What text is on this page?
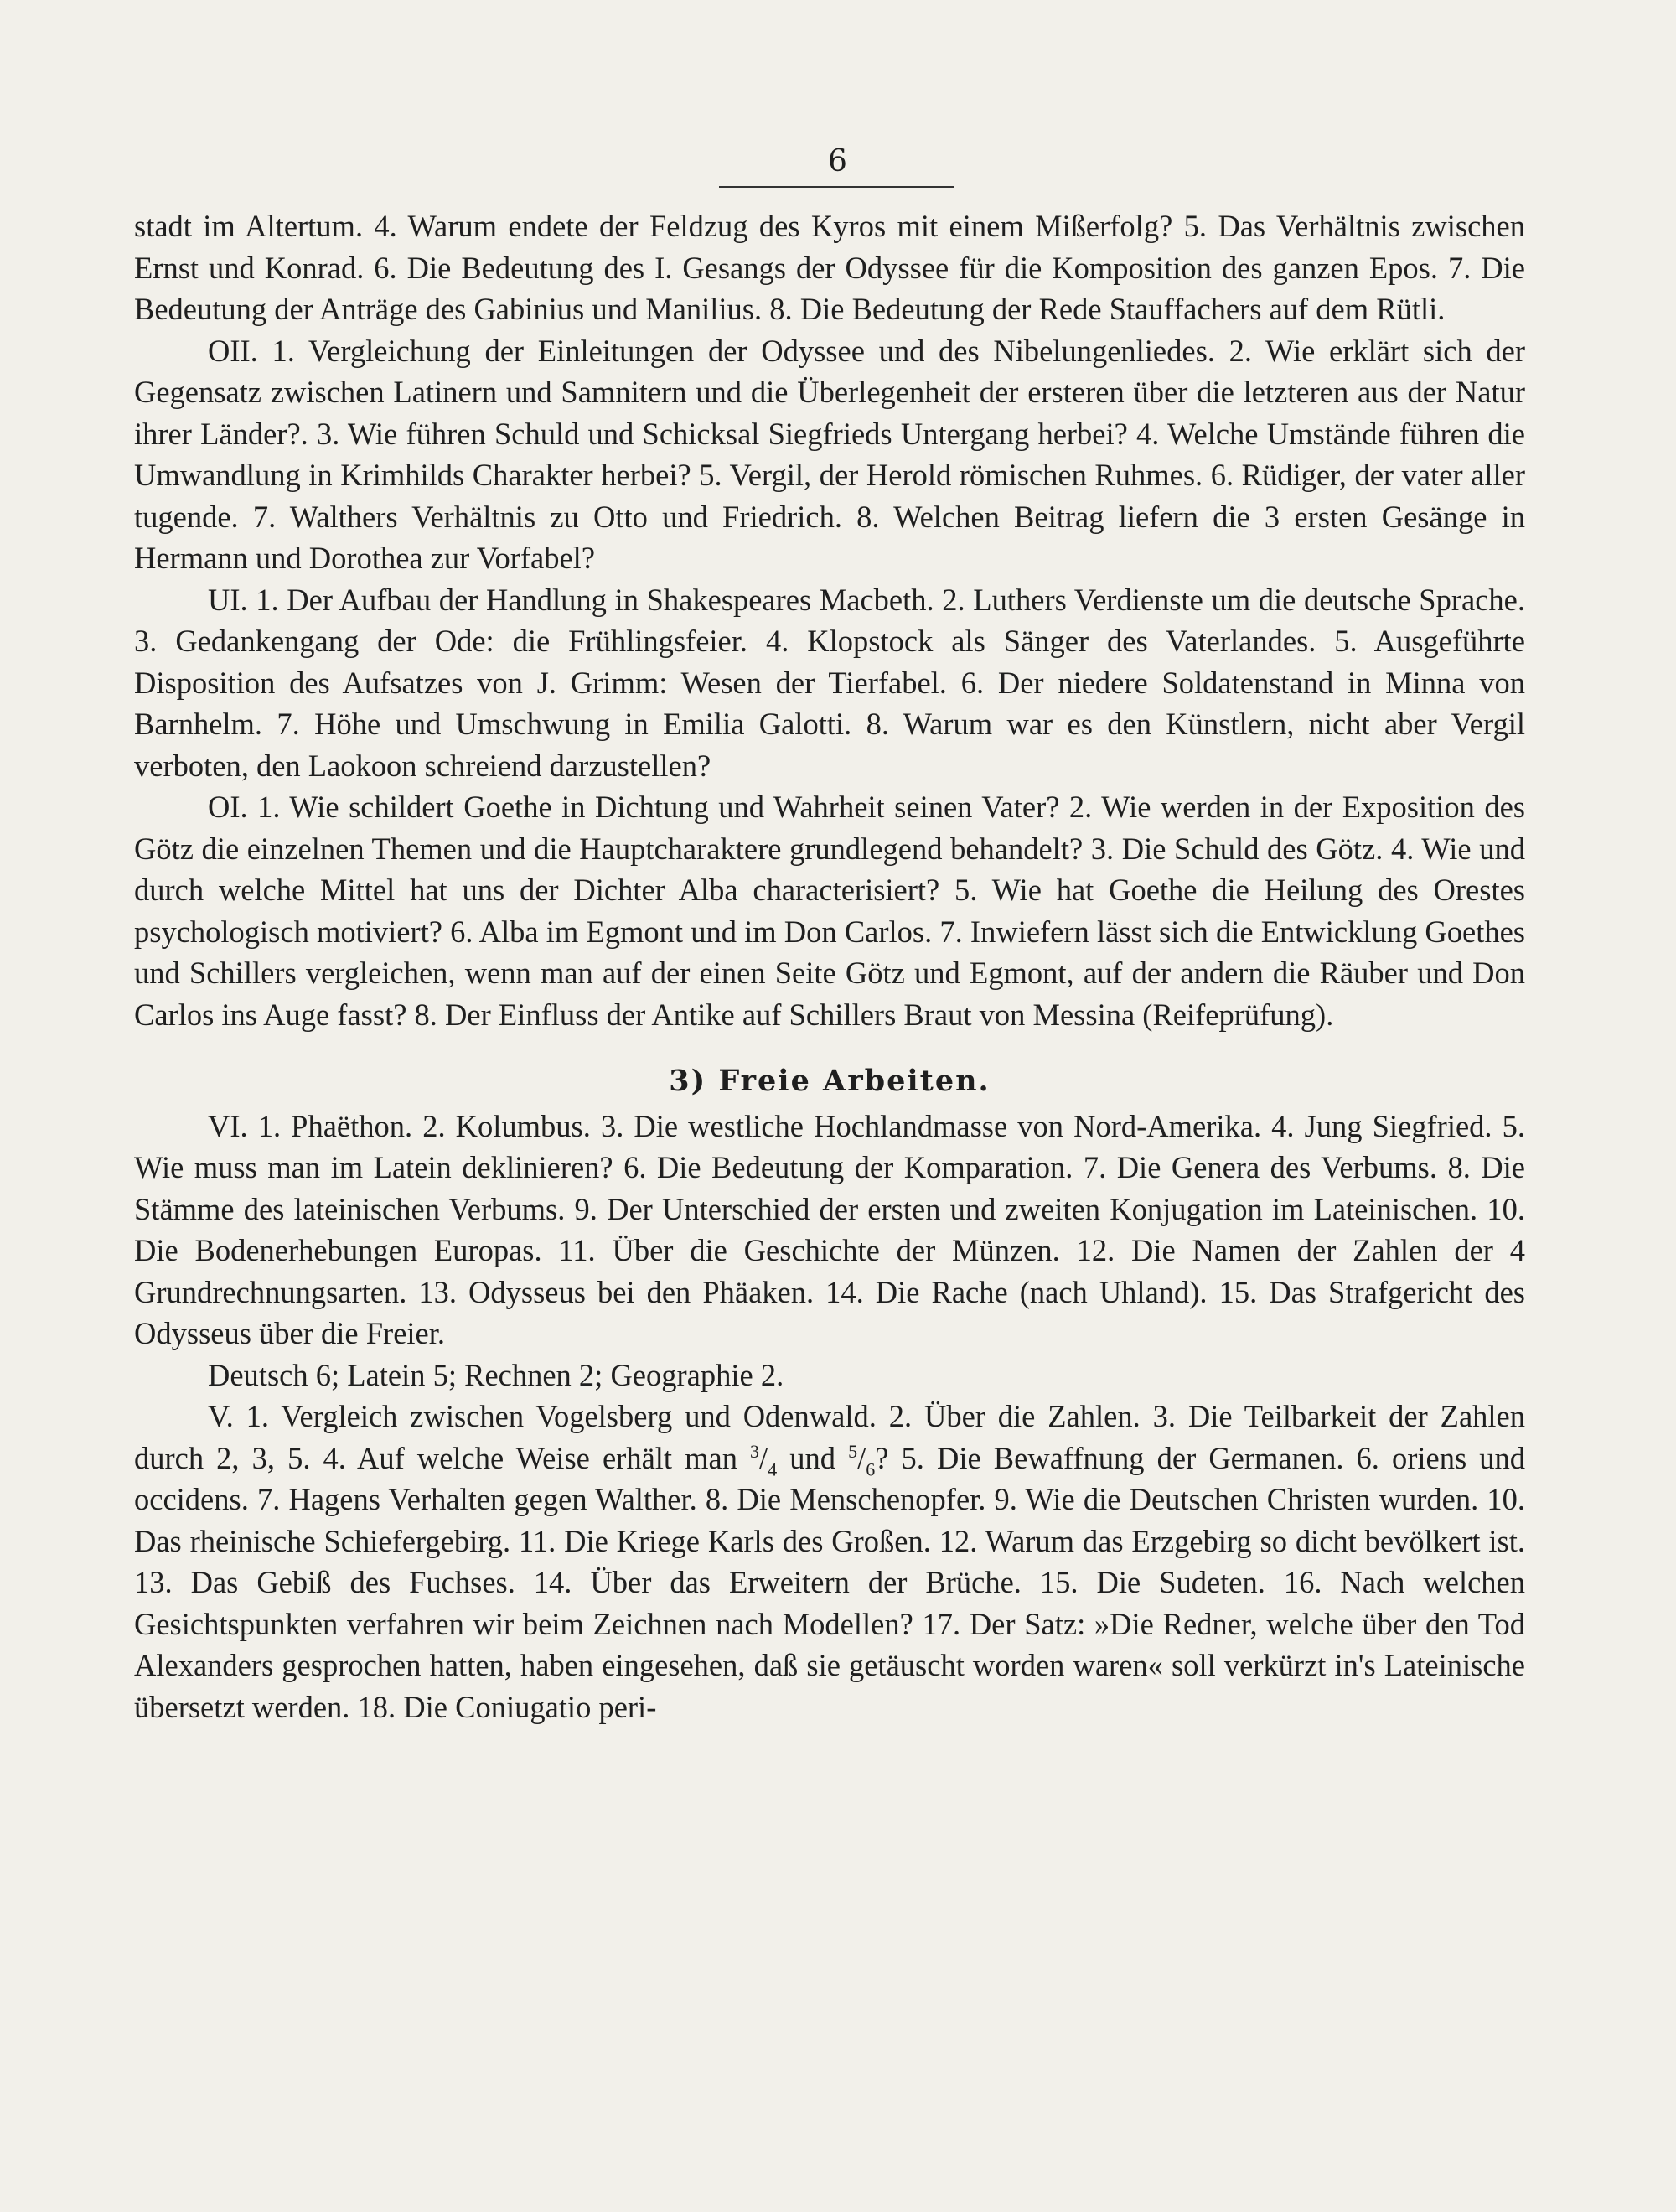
6

stadt im Altertum. 4. Warum endete der Feldzug des Kyros mit einem Mißerfolg? 5. Das Verhältnis zwischen Ernst und Konrad. 6. Die Bedeutung des I. Gesangs der Odyssee für die Komposition des ganzen Epos. 7. Die Bedeutung der Anträge des Gabinius und Manilius. 8. Die Bedeutung der Rede Stauffachers auf dem Rütli.

OII. 1. Vergleichung der Einleitungen der Odyssee und des Nibelungenliedes. 2. Wie erklärt sich der Gegensatz zwischen Latinern und Samnitern und die Überlegenheit der ersteren über die letzteren aus der Natur ihrer Länder?. 3. Wie führen Schuld und Schicksal Siegfrieds Untergang herbei? 4. Welche Umstände führen die Umwandlung in Krimhilds Charakter herbei? 5. Vergil, der Herold römischen Ruhmes. 6. Rüdiger, der vater aller tugende. 7. Walthers Verhältnis zu Otto und Friedrich. 8. Welchen Beitrag liefern die 3 ersten Gesänge in Hermann und Dorothea zur Vorfabel?

UI. 1. Der Aufbau der Handlung in Shakespeares Macbeth. 2. Luthers Verdienste um die deutsche Sprache. 3. Gedankengang der Ode: die Frühlingsfeier. 4. Klopstock als Sänger des Vaterlandes. 5. Ausgeführte Disposition des Aufsatzes von J. Grimm: Wesen der Tierfabel. 6. Der niedere Soldatenstand in Minna von Barnhelm. 7. Höhe und Umschwung in Emilia Galotti. 8. Warum war es den Künstlern, nicht aber Vergil verboten, den Laokoon schreiend darzustellen?

OI. 1. Wie schildert Goethe in Dichtung und Wahrheit seinen Vater? 2. Wie werden in der Exposition des Götz die einzelnen Themen und die Hauptcharaktere grundlegend behandelt? 3. Die Schuld des Götz. 4. Wie und durch welche Mittel hat uns der Dichter Alba characterisiert? 5. Wie hat Goethe die Heilung des Orestes psychologisch motiviert? 6. Alba im Egmont und im Don Carlos. 7. Inwiefern lässt sich die Entwicklung Goethes und Schillers vergleichen, wenn man auf der einen Seite Götz und Egmont, auf der andern die Räuber und Don Carlos ins Auge fasst? 8. Der Einfluss der Antike auf Schillers Braut von Messina (Reifeprüfung).

3) Freie Arbeiten.

VI. 1. Phaëthon. 2. Kolumbus. 3. Die westliche Hochlandmasse von Nord-Amerika. 4. Jung Siegfried. 5. Wie muss man im Latein deklinieren? 6. Die Bedeutung der Komparation. 7. Die Genera des Verbums. 8. Die Stämme des lateinischen Verbums. 9. Der Unterschied der ersten und zweiten Konjugation im Lateinischen. 10. Die Bodenerhebungen Europas. 11. Über die Geschichte der Münzen. 12. Die Namen der Zahlen der 4 Grundrechnungsarten. 13. Odysseus bei den Phäaken. 14. Die Rache (nach Uhland). 15. Das Strafgericht des Odysseus über die Freier.

Deutsch 6; Latein 5; Rechnen 2; Geographie 2.

V. 1. Vergleich zwischen Vogelsberg und Odenwald. 2. Über die Zahlen. 3. Die Teilbarkeit der Zahlen durch 2, 3, 5. 4. Auf welche Weise erhält man $^3/_4$ und $^5/_6$? 5. Die Bewaffnung der Germanen. 6. oriens und occidens. 7. Hagens Verhalten gegen Walther. 8. Die Menschenopfer. 9. Wie die Deutschen Christen wurden. 10. Das rheinische Schiefergebirg. 11. Die Kriege Karls des Großen. 12. Warum das Erzgebirg so dicht bevölkert ist. 13. Das Gebiß des Fuchses. 14. Über das Erweitern der Brüche. 15. Die Sudeten. 16. Nach welchen Gesichtspunkten verfahren wir beim Zeichnen nach Modellen? 17. Der Satz: »Die Redner, welche über den Tod Alexanders gesprochen hatten, haben eingesehen, daß sie getäuscht worden waren« soll verkürzt in's Lateinische übersetzt werden. 18. Die Coniugatio peri-
